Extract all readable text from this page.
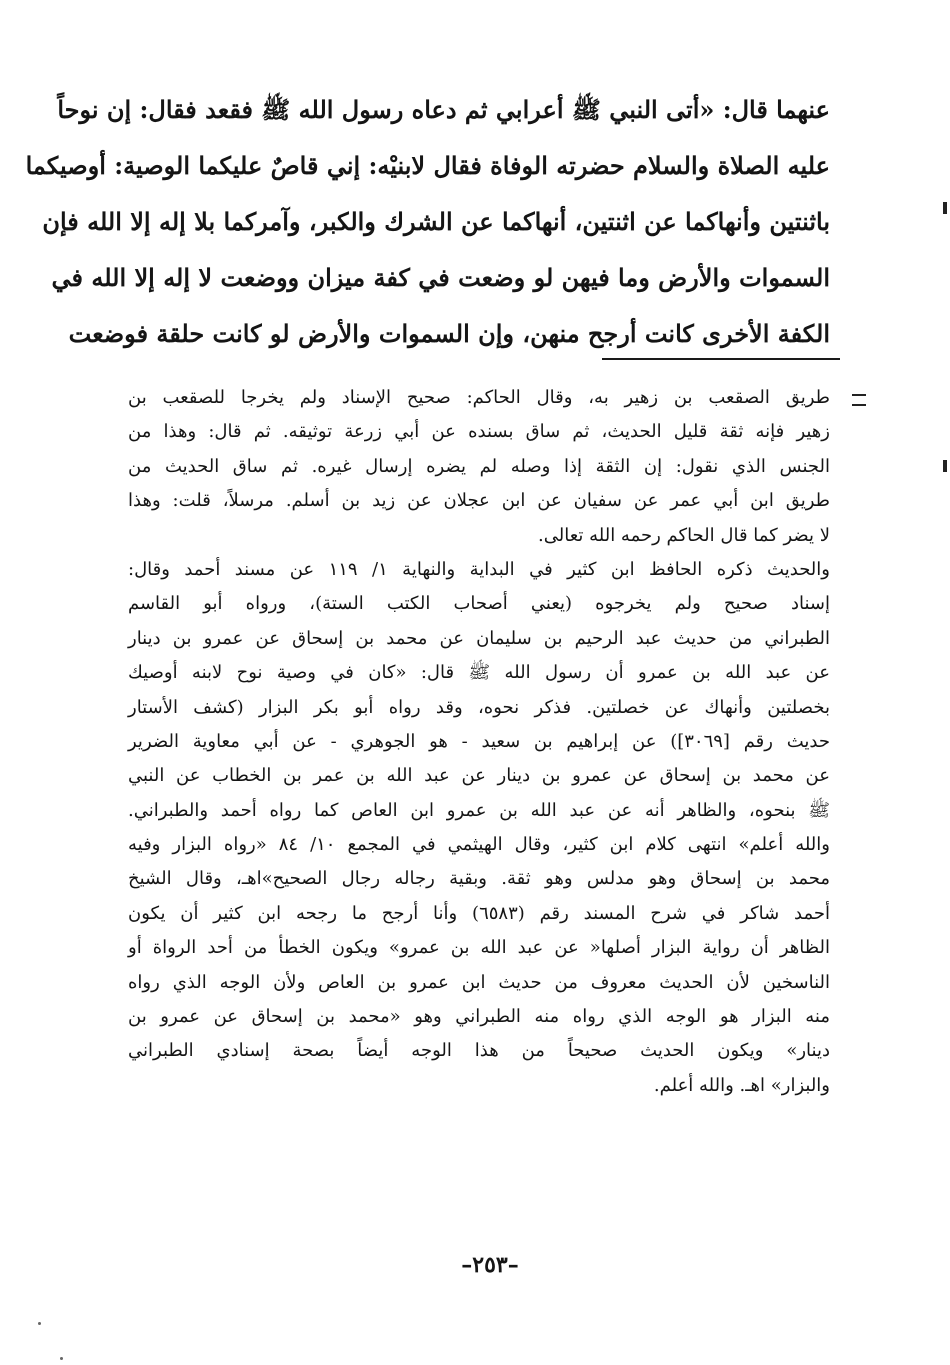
عنهما قال: «أتى النبي ﷺ أعرابي ثم دعاه رسول الله ﷺ فقعد فقال: إن نوحاً
عليه الصلاة والسلام حضرته الوفاة فقال لابنيْه: إني قاصٌ عليكما الوصية: أوصيكما
باثنتين وأنهاكما عن اثنتين، أنهاكما عن الشرك والكبر، وآمركما بلا إله إلا الله فإن
السموات والأرض وما فيهن لو وضعت في كفة ميزان ووضعت لا إله إلا الله في
الكفة الأخرى كانت أرجح منهن، وإن السموات والأرض لو كانت حلقة فوضعت
طريق الصقعب بن زهير به، وقال الحاكم: صحيح الإسناد ولم يخرجا للصقعب بن
زهير فإنه ثقة قليل الحديث، ثم ساق بسنده عن أبي زرعة توثيقه. ثم قال: وهذا من
الجنس الذي نقول: إن الثقة إذا وصله لم يضره إرسال غيره. ثم ساق الحديث من
طريق ابن أبي عمر عن سفيان عن ابن عجلان عن زيد بن أسلم. مرسلاً، قلت: وهذا
لا يضر كما قال الحاكم رحمه الله تعالى.
والحديث ذكره الحافظ ابن كثير في البداية والنهاية ١/ ١١٩ عن مسند أحمد وقال:
إسناد صحيح ولم يخرجوه (يعني أصحاب الكتب الستة)، ورواه أبو القاسم
الطبراني من حديث عبد الرحيم بن سليمان عن محمد بن إسحاق عن عمرو بن دينار
عن عبد الله بن عمرو أن رسول الله ﷺ قال: «كان في وصية نوح لابنه أوصيك
بخصلتين وأنهاك عن خصلتين. فذكر نحوه، وقد رواه أبو بكر البزار (كشف الأستار
حديث رقم [٣٠٦٩]) عن إبراهيم بن سعيد - هو الجوهري - عن أبي معاوية الضرير
عن محمد بن إسحاق عن عمرو بن دينار عن عبد الله بن عمر بن الخطاب عن النبي
ﷺ بنحوه، والظاهر أنه عن عبد الله بن عمرو ابن العاص كما رواه أحمد والطبراني.
والله أعلم» انتهى كلام ابن كثير، وقال الهيثمي في المجمع ١٠/ ٨٤ «رواه البزار وفيه
محمد بن إسحاق وهو مدلس وهو ثقة. وبقية رجاله رجال الصحيح»اهـ، وقال الشيخ
أحمد شاكر في شرح المسند رقم (٦٥٨٣) وأنا أرجح ما رجحه ابن كثير أن يكون
الظاهر أن رواية البزار أصلها« عن عبد الله بن عمرو» ويكون الخطأ من أحد الرواة أو
الناسخين لأن الحديث معروف من حديث ابن عمرو بن العاص ولأن الوجه الذي رواه
منه البزار هو الوجه الذي رواه منه الطبراني وهو «محمد بن إسحاق عن عمرو بن
دينار» ويكون الحديث صحيحاً من هذا الوجه أيضاً بصحة إسنادي الطبراني
والبزار» اهـ. والله أعلم.
–٢٥٣–
